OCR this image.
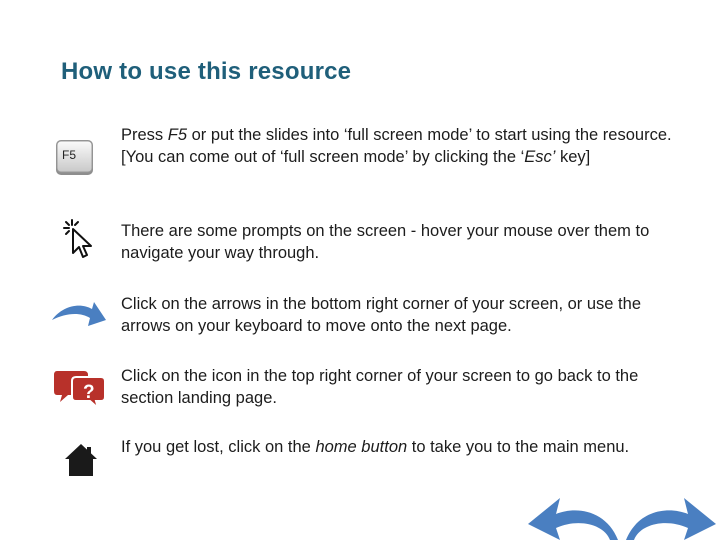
How to use this resource
F5
Press F5 or put the slides into ‘full screen mode’ to start using the resource. [You can come out of ‘full screen mode’ by clicking the ‘Esc’ key]
There are some prompts on the screen - hover your mouse over them to navigate your way through.
Click on the arrows in the bottom right corner of your screen, or use the arrows on your keyboard to move onto the next page.
?
Click on the icon in the top right corner of your screen to go back to the section landing page.
If you get lost, click on the home button to take you to the main menu.
